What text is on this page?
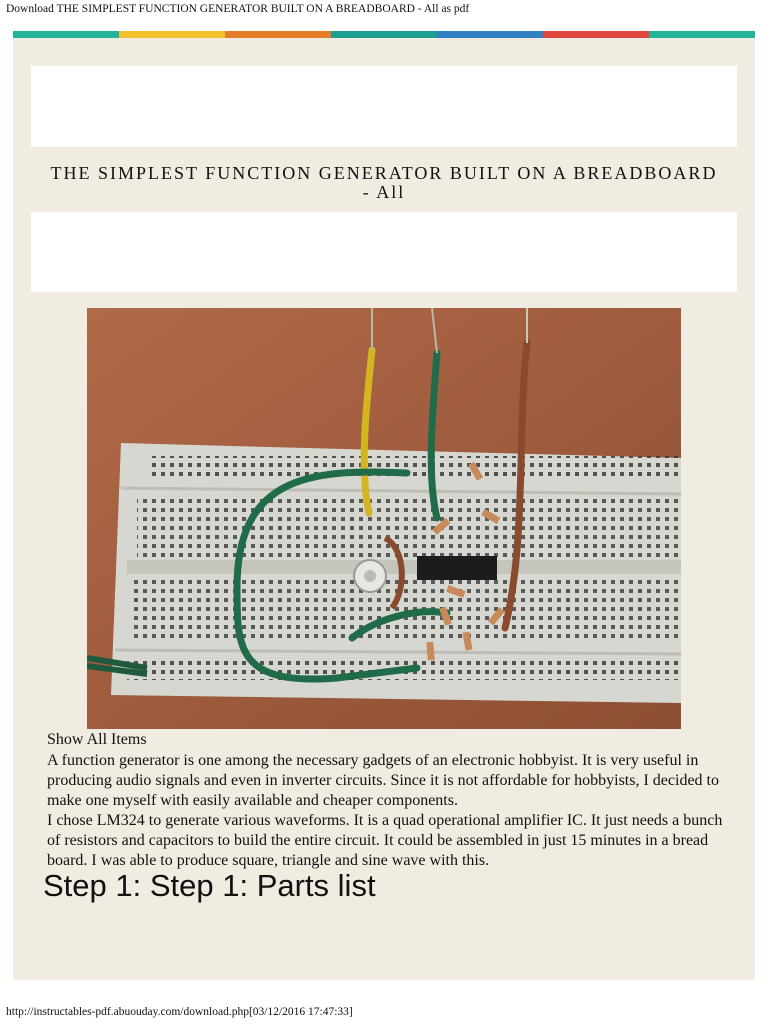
Download THE SIMPLEST FUNCTION GENERATOR BUILT ON A BREADBOARD - All as pdf
THE SIMPLEST FUNCTION GENERATOR BUILT ON A BREADBOARD
- All
Show All Items

A function generator is one among the necessary gadgets of an electronic hobbyist. It is very useful in producing audio signals and even in inverter circuits. Since it is not affordable for hobbyists, I decided to make one myself with easily available and cheaper components.

I chose LM324 to generate various waveforms. It is a quad operational amplifier IC. It just needs a bunch of resistors and capacitors to build the entire circuit. It could be assembled in just 15 minutes in a bread board. I was able to produce square, triangle and sine wave with this.

Step 1: Step 1: Parts list
http://instructables-pdf.abuouday.com/download.php[03/12/2016 17:47:33]
